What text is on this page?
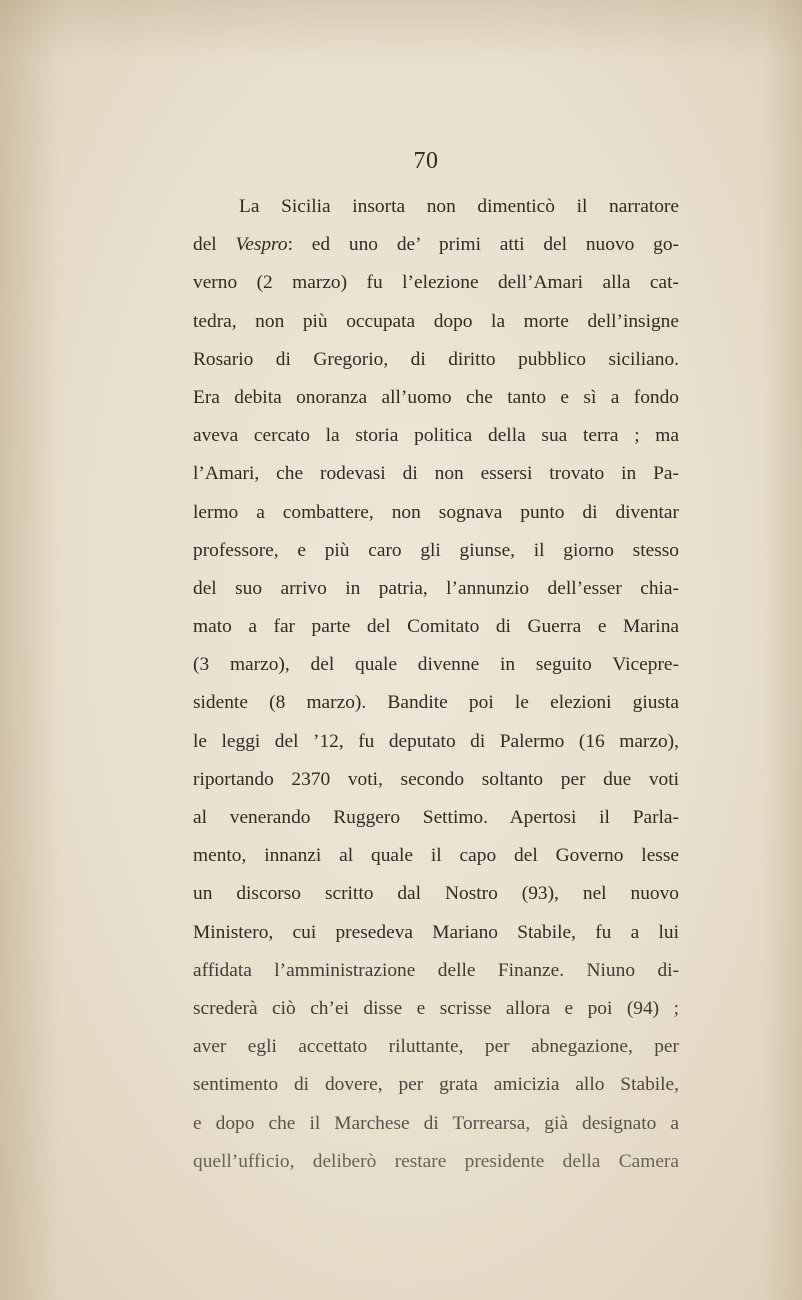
70
La Sicilia insorta non dimenticò il narratore
del Vespro: ed uno de’ primi atti del nuovo go-
verno (2 marzo) fu l’elezione dell’Amari alla cat-
tedra, non più occupata dopo la morte dell’insigne
Rosario di Gregorio, di diritto pubblico siciliano.
Era debita onoranza all’uomo che tanto e sì a fondo
aveva cercato la storia politica della sua terra ; ma
l’Amari, che rodevasi di non essersi trovato in Pa-
lermo a combattere, non sognava punto di diventar
professore, e più caro gli giunse, il giorno stesso
del suo arrivo in patria, l’annunzio dell’esser chia-
mato a far parte del Comitato di Guerra e Marina
(3 marzo), del quale divenne in seguito Vicepre-
sidente (8 marzo). Bandite poi le elezioni giusta
le leggi del ’12, fu deputato di Palermo (16 marzo),
riportando 2370 voti, secondo soltanto per due voti
al venerando Ruggero Settimo. Apertosi il Parla-
mento, innanzi al quale il capo del Governo lesse
un discorso scritto dal Nostro (93), nel nuovo
Ministero, cui presedeva Mariano Stabile, fu a lui
affidata l’amministrazione delle Finanze. Niuno di-
screderà ciò ch’ei disse e scrisse allora e poi (94) ;
aver egli accettato riluttante, per abnegazione, per
sentimento di dovere, per grata amicizia allo Stabile,
e dopo che il Marchese di Torrearsa, già designato a
quell’ufficio, deliberò restare presidente della Camera
